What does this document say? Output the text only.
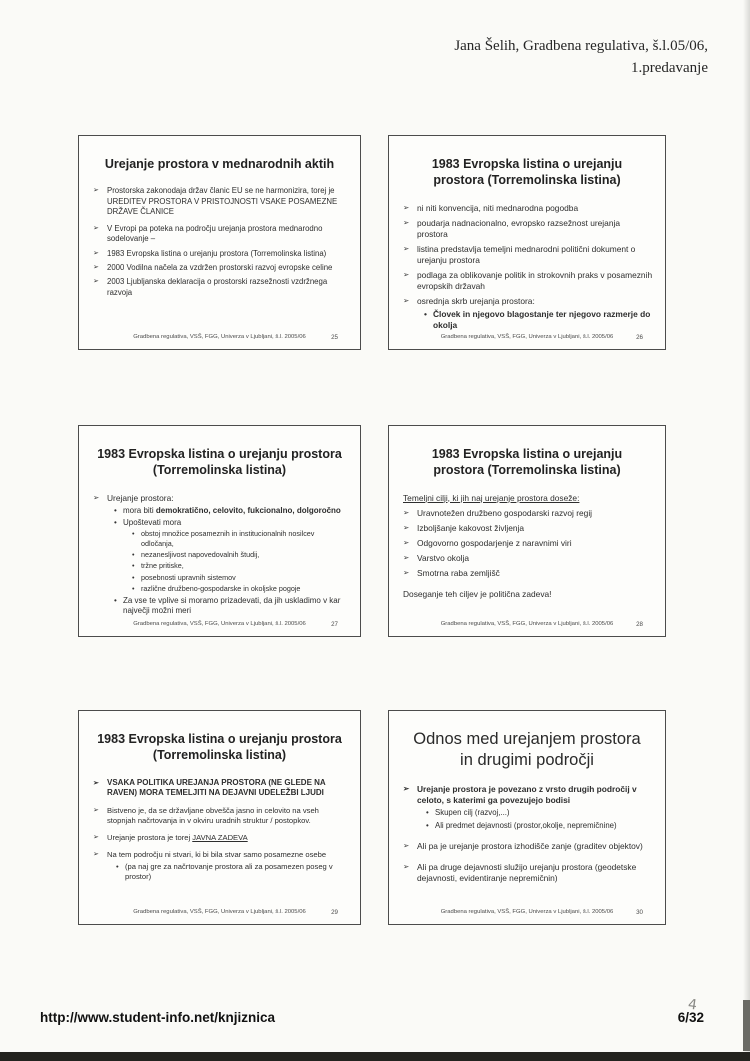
Jana Šelih, Gradbena regulativa, š.l.05/06,
1.predavanje
Urejanje prostora v mednarodnih aktih
➢ Prostorska zakonodaja držav članic EU se ne harmonizira, torej je UREDITEV PROSTORA V PRISTOJNOSTI VSAKE POSAMEZNE DRŽAVE ČLANICE
➢ V Evropi pa poteka na področju urejanja prostora mednarodno sodelovanje –
➢ 1983 Evropska listina o urejanju prostora (Torremolinska listina)
➢ 2000 Vodilna načela za vzdržen prostorski razvoj evropske celine
➢ 2003 Ljubljanska deklaracija o prostorski razsežnosti vzdržnega razvoja
Gradbena regulativa, VSŠ, FGG, Univerza v Ljubljani, š.l. 2005/06	25
1983 Evropska listina o urejanju prostora (Torremolinska listina)
➢ ni niti konvencija, niti mednarodna pogodba
➢ poudarja nadnacionalno, evropsko razsežnost urejanja prostora
➢ listina predstavlja temeljni mednarodni politični dokument o urejanju prostora
➢ podlaga za oblikovanje politik in strokovnih praks v posameznih evropskih državah
➢ osrednja skrb urejanja prostora:
• Človek in njegovo blagostanje ter njegovo razmerje do okolja
Gradbena regulativa, VSŠ, FGG, Univerza v Ljubljani, š.l. 2005/06	26
1983 Evropska listina o urejanju prostora (Torremolinska listina)
➢ Urejanje prostora:
• mora biti demokratično, celovito, fukcionalno, dolgoročno
• Upoštevati mora
• obstoj množice posameznih in institucionalnih nosilcev odločanja,
• nezanesljivost napovedovalnih študij,
• tržne pritiske,
• posebnosti upravnih sistemov
• različne družbeno-gospodarske in okoljske pogoje
• Za vse te vplive si moramo prizadevati, da jih uskladimo v kar največji možni meri
Gradbena regulativa, VSŠ, FGG, Univerza v Ljubljani, š.l. 2005/06	27
1983 Evropska listina o urejanju prostora (Torremolinska listina)
Temeljni cilji, ki jih naj urejanje prostora doseže:
➢ Uravnotežen družbeno gospodarski razvoj regij
➢ Izboljšanje kakovost življenja
➢ Odgovorno gospodarjenje z naravnimi viri
➢ Varstvo okolja
➢ Smotrna raba zemljišč
Doseganje teh ciljev je politična zadeva!
Gradbena regulativa, VSŠ, FGG, Univerza v Ljubljani, š.l. 2005/06	28
1983 Evropska listina o urejanju prostora (Torremolinska listina)
➢ VSAKA POLITIKA UREJANJA PROSTORA (NE GLEDE NA RAVEN) MORA TEMELJITI NA DEJAVNI UDELEŽBI LJUDI
➢ Bistveno je, da se državljane obvešča jasno in celovito na vseh stopnjah načrtovanja in v okviru uradnih struktur / postopkov.
➢ Urejanje prostora je torej JAVNA ZADEVA
➢ Na tem področju ni stvari, ki bi bila stvar samo posamezne osebe
• (pa naj gre za načrtovanje prostora ali za posamezen poseg v prostor)
Gradbena regulativa, VSŠ, FGG, Univerza v Ljubljani, š.l. 2005/06	29
Odnos med urejanjem prostora in drugimi področji
➢ Urejanje prostora je povezano z vrsto drugih področij v celoto, s katerimi ga povezujejo bodisi
• Skupen cilj (razvoj,...)
• Ali predmet dejavnosti (prostor,okolje, nepremičnine)
➢ Ali pa je urejanje prostora izhodišče zanje (graditev objektov)
➢ Ali pa druge dejavnosti služijo urejanju prostora (geodetske dejavnosti, evidentiranje nepremičnin)
Gradbena regulativa, VSŠ, FGG, Univerza v Ljubljani, š.l. 2005/06	30
http://www.student-info.net/knjiznica
4
6/32
